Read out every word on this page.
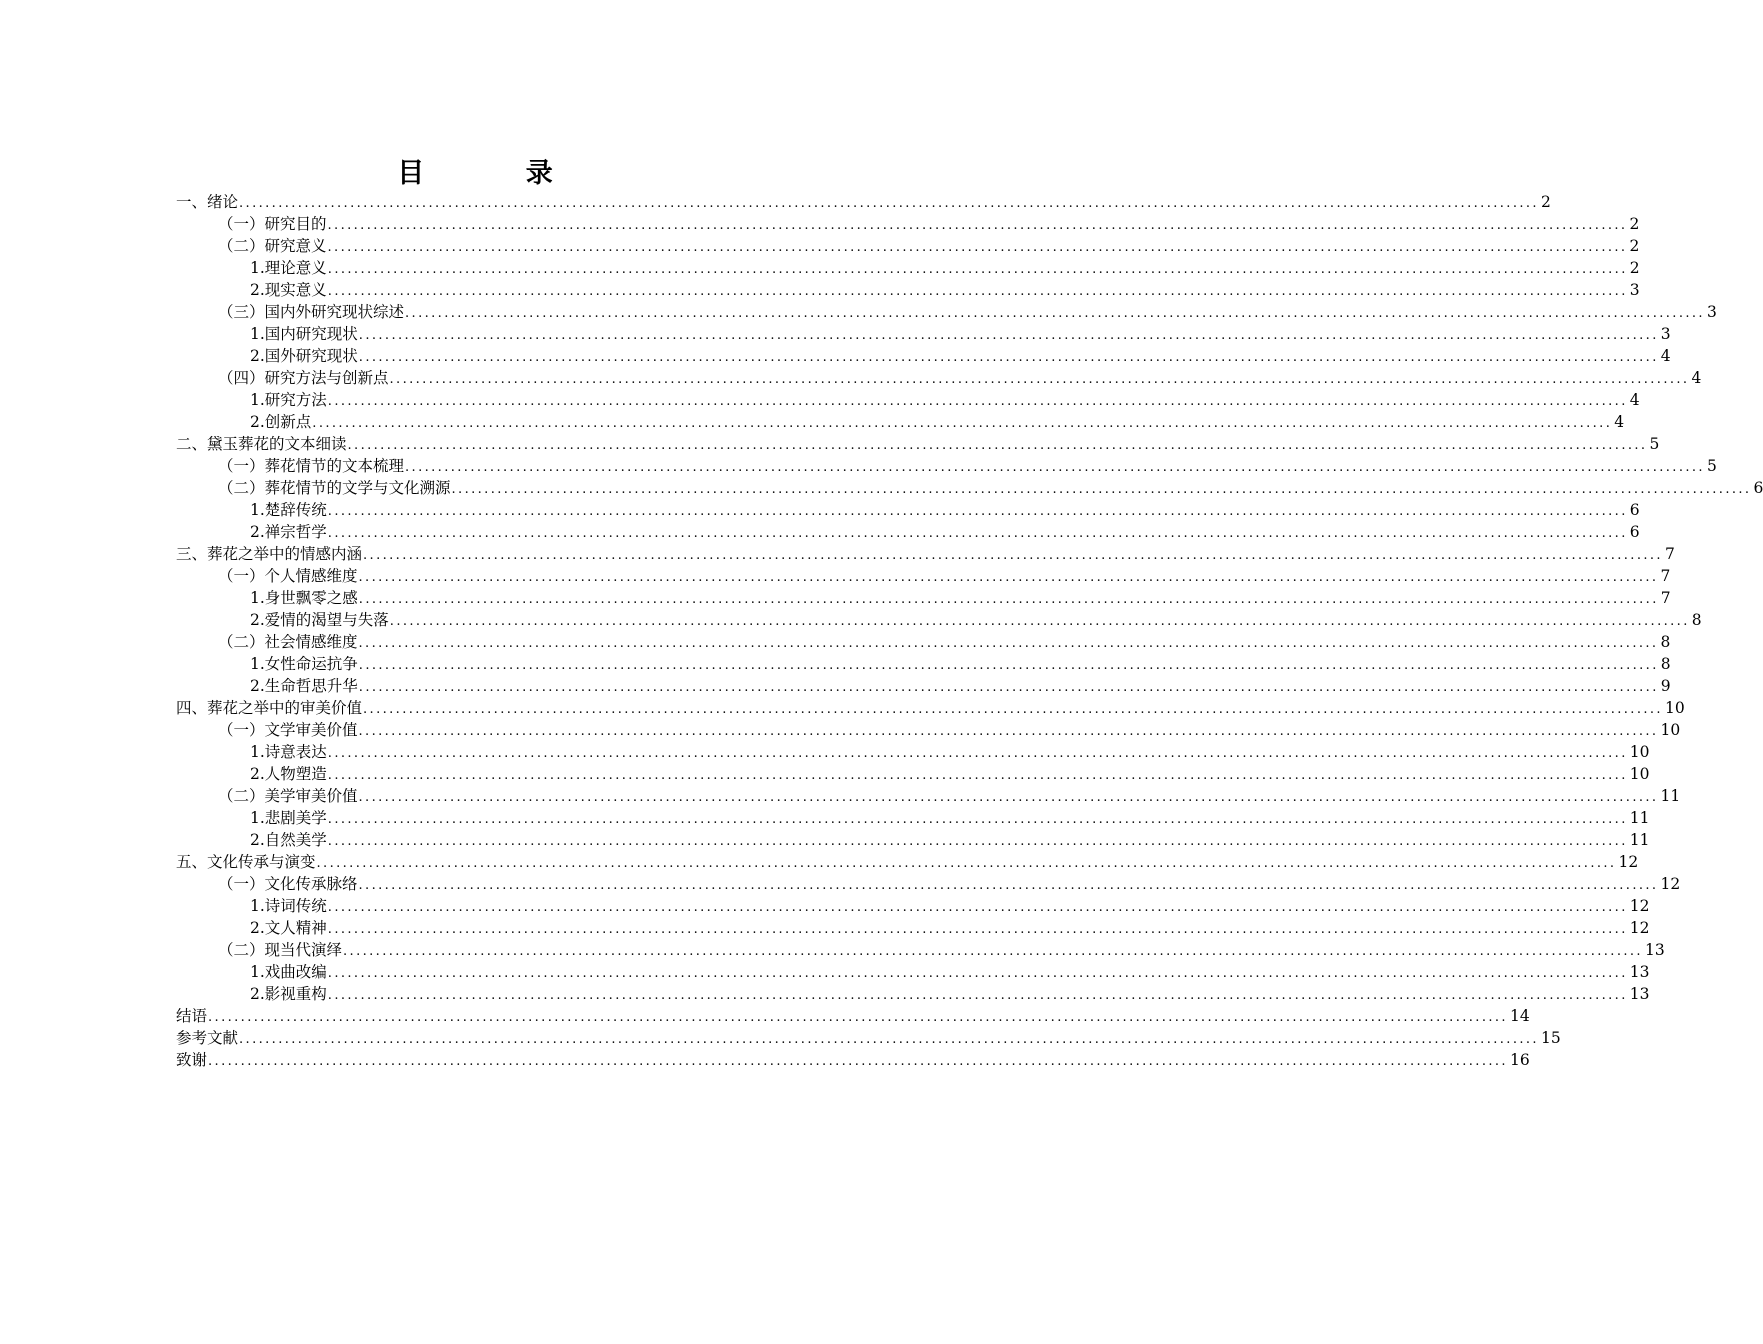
目 录
一、绪论 ....................................................................................................................................................................................................... 2
（一）研究目的 ....................................................................................................................................................................................................... 2
（二）研究意义 ....................................................................................................................................................................................................... 2
1.理论意义 ....................................................................................................................................................................................................... 2
2.现实意义 ....................................................................................................................................................................................................... 3
（三）国内外研究现状综述 ....................................................................................................................................................................................................... 3
1.国内研究现状 ....................................................................................................................................................................................................... 3
2.国外研究现状 ....................................................................................................................................................................................................... 4
（四）研究方法与创新点 ....................................................................................................................................................................................................... 4
1.研究方法 ....................................................................................................................................................................................................... 4
2.创新点 ....................................................................................................................................................................................................... 4
二、黛玉葬花的文本细读 ....................................................................................................................................................................................................... 5
（一）葬花情节的文本梳理 ....................................................................................................................................................................................................... 5
（二）葬花情节的文学与文化溯源 ....................................................................................................................................................................................................... 6
1.楚辞传统 ....................................................................................................................................................................................................... 6
2.禅宗哲学 ....................................................................................................................................................................................................... 6
三、葬花之举中的情感内涵 ....................................................................................................................................................................................................... 7
（一）个人情感维度 ....................................................................................................................................................................................................... 7
1.身世飘零之感 ....................................................................................................................................................................................................... 7
2.爱情的渴望与失落 ....................................................................................................................................................................................................... 8
（二）社会情感维度 ....................................................................................................................................................................................................... 8
1.女性命运抗争 ....................................................................................................................................................................................................... 8
2.生命哲思升华 ....................................................................................................................................................................................................... 9
四、葬花之举中的审美价值 ....................................................................................................................................................................................................... 10
（一）文学审美价值 ....................................................................................................................................................................................................... 10
1.诗意表达 ....................................................................................................................................................................................................... 10
2.人物塑造 ....................................................................................................................................................................................................... 10
（二）美学审美价值 ....................................................................................................................................................................................................... 11
1.悲剧美学 ....................................................................................................................................................................................................... 11
2.自然美学 ....................................................................................................................................................................................................... 11
五、文化传承与演变 ....................................................................................................................................................................................................... 12
（一）文化传承脉络 ....................................................................................................................................................................................................... 12
1.诗词传统 ....................................................................................................................................................................................................... 12
2.文人精神 ....................................................................................................................................................................................................... 12
（二）现当代演绎 ....................................................................................................................................................................................................... 13
1.戏曲改编 ....................................................................................................................................................................................................... 13
2.影视重构 ....................................................................................................................................................................................................... 13
结语 ....................................................................................................................................................................................................... 14
参考文献 ....................................................................................................................................................................................................... 15
致谢 ....................................................................................................................................................................................................... 16
